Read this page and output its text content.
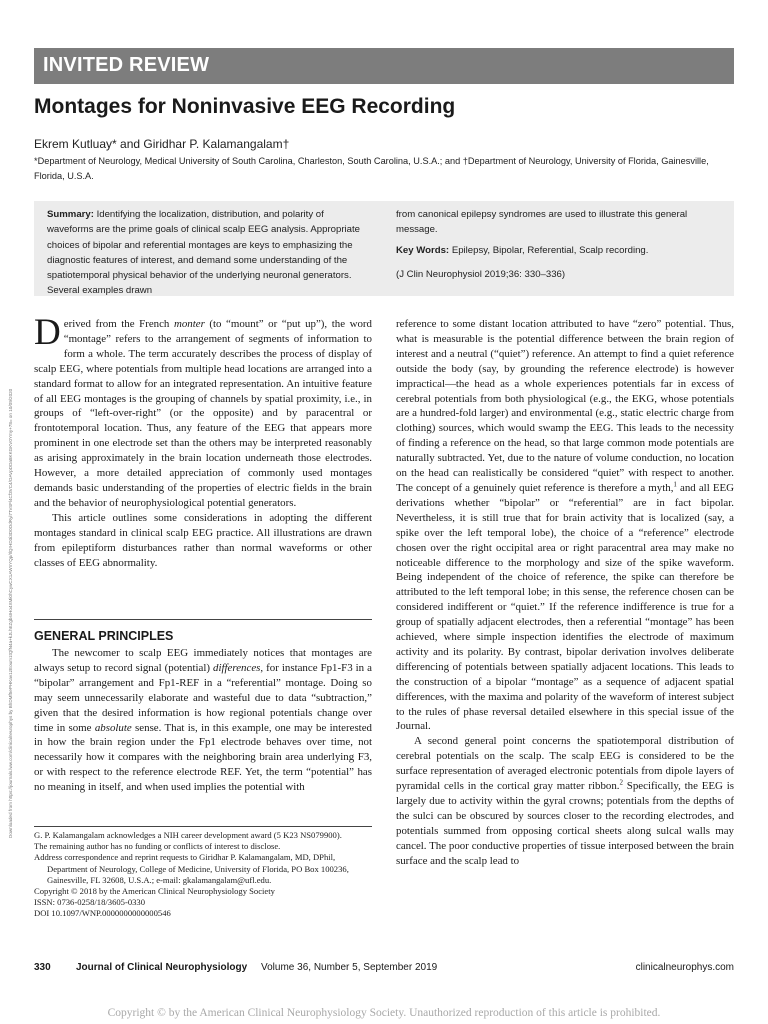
INVITED REVIEW
Montages for Noninvasive EEG Recording
Ekrem Kutluay* and Giridhar P. Kalamangalam†
*Department of Neurology, Medical University of South Carolina, Charleston, South Carolina, U.S.A.; and †Department of Neurology, University of Florida, Gainesville, Florida, U.S.A.
Downloaded from https://journals.lww.com/clinicalneurophys by BhDMf5ePHKav1zEoum1tQfN4a+kJLhEZgbsIHo4XMi0hCywCX1AWnYQp/IlQrHD3i3D0OdRyi7TvSFl4Cf3VC4/OAVpDDa8KKGKV0Ymy+78= on 10/09/2020
Summary: Identifying the localization, distribution, and polarity of waveforms are the prime goals of clinical scalp EEG analysis. Appropriate choices of bipolar and referential montages are keys to emphasizing the diagnostic features of interest, and demand some understanding of the spatiotemporal physical behavior of the underlying neuronal generators. Several examples drawn
from canonical epilepsy syndromes are used to illustrate this general message.
Key Words: Epilepsy, Bipolar, Referential, Scalp recording.
(J Clin Neurophysiol 2019;36: 330–336)

Derived from the French monter (to “mount” or “put up”), the word “montage” refers to the arrangement of segments of information to form a whole. The term accurately describes the process of display of scalp EEG, where potentials from multiple head locations are arranged into a standard format to allow for an integrated representation. An intuitive feature of all EEG montages is the grouping of channels by spatial proximity, i.e., in groups of “left-over-right” (or the opposite) and by paracentral or frontotemporal location. Thus, any feature of the EEG that appears more prominent in one electrode set than the others may be interpreted reasonably as arising approximately in the brain location underneath those electrodes. However, a more detailed appreciation of commonly used montages demands basic understanding of the properties of electric fields in the brain and the behavior of neurophysiological potential generators.

This article outlines some considerations in adopting the different montages standard in clinical scalp EEG practice. All illustrations are drawn from epileptiform disturbances rather than normal waveforms or other classes of EEG abnormality.

GENERAL PRINCIPLES

The newcomer to scalp EEG immediately notices that montages are always setup to record signal (potential) differences, for instance Fp1-F3 in a “bipolar” arrangement and Fp1-REF in a “referential” montage. Doing so may seem unnecessarily elaborate and wasteful due to data “subtraction,” given that the desired information is how regional potentials change over time in some absolute sense. That is, in this example, one may be interested in how the brain region under the Fp1 electrode behaves over time, not necessarily how it compares with the neighboring brain area underlying F3, or with respect to the reference electrode REF. Yet, the term “potential” has no meaning in itself, and when used implies the potential with

G. P. Kalamangalam acknowledges a NIH career development award (5 K23 NS079900).

The remaining author has no funding or conflicts of interest to disclose.

Address correspondence and reprint requests to Giridhar P. Kalamangalam, MD, DPhil, Department of Neurology, College of Medicine, University of Florida, PO Box 100236, Gainesville, FL 32608, U.S.A.; e-mail: gkalamangalam@ufl.edu.

Copyright © 2018 by the American Clinical Neurophysiology Society

ISSN: 0736-0258/18/3605-0330

DOI 10.1097/WNP.0000000000000546

reference to some distant location attributed to have “zero” potential. Thus, what is measurable is the potential difference between the brain region of interest and a neutral (“quiet”) reference. An attempt to find a quiet reference outside the body (say, by grounding the reference electrode) is however impractical—the head as a whole experiences potentials far in excess of cerebral potentials from both physiological (e.g., the EKG, whose potentials are a hundred-fold larger) and environmental (e.g., static electric charge from clothing) sources, which would swamp the EEG. This leads to the necessity of finding a reference on the head, so that large common mode potentials are naturally subtracted. Yet, due to the nature of volume conduction, no location on the head can realistically be considered “quiet” with respect to another. The concept of a genuinely quiet reference is therefore a myth,$^1$ and all EEG derivations whether “bipolar” or “referential” are in fact bipolar. Nevertheless, it is still true that for brain activity that is localized (say, a spike over the left temporal lobe), the choice of a “reference” electrode chosen over the right occipital area or right paracentral area may make no noticeable difference to the morphology and size of the spike waveform. Being independent of the choice of reference, the spike can therefore be attributed to the left temporal lobe; in this sense, the reference chosen can be considered indifferent or “quiet.” If the reference indifference is true for a group of spatially adjacent electrodes, then a referential “montage” has been achieved, where simple inspection identifies the electrode of maximum activity and its polarity. By contrast, bipolar derivation involves deliberate differencing of potentials between spatially adjacent locations. This leads to the construction of a bipolar “montage” as a sequence of adjacent spatial differences, with the maxima and polarity of the waveform of interest subject to the rules of phase reversal detailed elsewhere in this special issue of the Journal.

A second general point concerns the spatiotemporal distribution of cerebral potentials on the scalp. The scalp EEG is considered to be the surface representation of averaged electronic potentials from dipole layers of pyramidal cells in the cortical gray matter ribbon.$^2$ Specifically, the EEG is largely due to activity within the gyral crowns; potentials from the depths of the sulci can be obscured by sources closer to the recording electrodes, and potentials summed from opposing cortical sheets along sulcal walls may cancel. The poor conductive properties of tissue interposed between the brain surface and the scalp lead to

330	Journal of Clinical Neurophysiology Volume 36, Number 5, September 2019	clinicalneurophys.com
Copyright © by the American Clinical Neurophysiology Society. Unauthorized reproduction of this article is prohibited.
